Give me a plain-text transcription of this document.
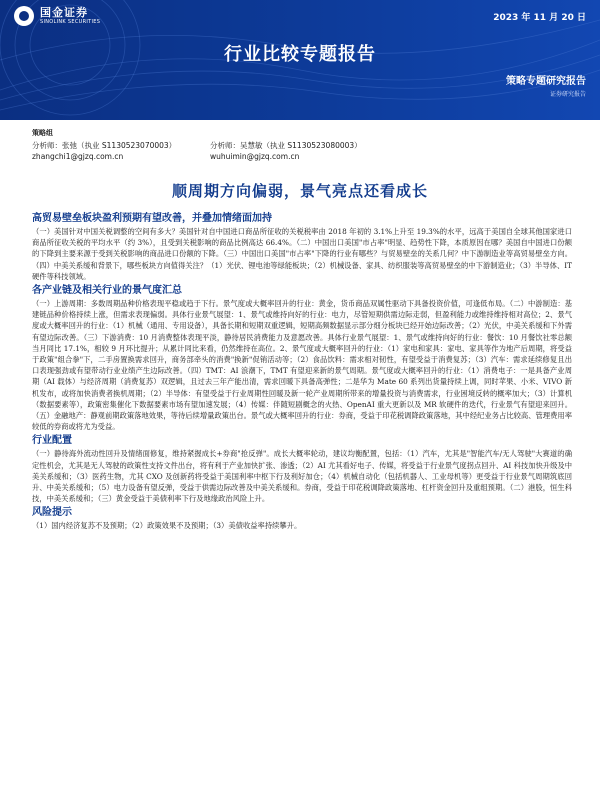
国金证券
SINOLINK SECURITIES	2023 年 11 月 20 日
行业比较专题报告
策略专题研究报告
证券研究报告
策略组
分析师：张弛（执业 S1130523070003）	分析师：吴慧敏（执业 S1130523080003）
zhangchi1@gjzq.com.cn	wuhuimin@gjzq.com.cn
顺周期方向偏弱，景气亮点还看成长
高贸易壁垒板块盈利预期有望改善，并叠加情绪面加持

（一）美国针对中国关税调整的空间有多大？美国针对自中国进口商品所征收的关税税率由 2018 年初的 3.1%上升至 19.3%的水平，远高于美国自全球其他国家进口商品所征收关税的平均水平（约 3%），且受到关税影响的商品比例高达 66.4%。（二）中国出口美国"市占率"明显、趋势性下降，本质原因在哪？美国自中国进口份额的下降到主要来源于受到关税影响的商品进口份额的下降。（三）中国出口美国"市占率"下降的行业有哪些？与贸易壁垒的关系几何？中下游制造业等高贸易壁垒方向。（四）中美关系缓和背景下，哪些板块方向值得关注？（1）光伏、锂电池等绿能板块；（2）机械设备、家具、纺织服装等高贸易壁垒的中下游制造业；（3）半导体、IT 硬件等科技领域。

各产业链及相关行业的景气度汇总

（一）上游周期：多数周期品种价格表现平稳或趋于下行。景气度或大概率回升的行业：黄金，货币商品双属性驱动下具备投资价值，可逢低布局。（二）中游制造：基建链品种价格持续上涨，但需求表现偏弱。具体行业景气展望：1、景气或维持向好的行业：电力，尽管短期供需边际走弱，但盈利能力或维持维持相对高位；2、景气度或大概率回升的行业：（1）机械（通用、专用设备），具备长期和短期双重逻辑，短期高频数据显示部分细分板块已经开始边际改善；（2）光伏，中美关系缓和下外需有望边际改善。（三）下游消费：10 月消费整体表现平淡，静待居民消费能力及意愿改善。具体行业景气展望：1、景气或维持向好的行业：餐饮：10 月餐饮社零总额当月同比 17.1%，相较 9 月环比提升；从累计同比来看，仍然维持在高位。2、景气度或大概率回升的行业：（1）家电和家具：家电、家具等作为地产后周期，将受益于政策"组合拳"下，二手房置换需求回升，商务部牵头的消费"换新"促销活动等；（2）食品饮料：需求相对韧性，有望受益于消费复苏；（3）汽车：需求延续修复且出口表现强劲或有望带动行业业绩产生边际改善。（四）TMT：AI 浪潮下，TMT 有望迎来新的景气周期。景气度或大概率回升的行业：（1）消费电子：一是具备产业周期（AI 载体）与经济周期（消费复苏）双逻辑，且过去三年产能出清，需求回暖下具备高弹性；二是华为 Mate 60 系列出货量持续上调，同时苹果、小米、VIVO 新机发布，或将加快消费者换机周期；（2）半导体：有望受益于行业周期性回暖及新一轮产业周期所带来的增量投资与消费需求，行业困境反转的概率加大；（3）计算机（数据要素等），政策密集催化下数据要素市场有望加速发展；（4）传媒：伴随短剧概念的火热、OpenAI 重大更新以及 MR 软硬件的迭代，行业景气有望迎来回升。（五）金融地产：静观前期政策落地效果，等待后续增量政策出台。景气或大概率回升的行业：券商，受益于印花税调降政策落地，其中经纪业务占比较高、管理费用率较低的券商或将尤为受益。

行业配置

（一）静待海外流动性回升及情绪面修复，维持紧握成长+券商"抢反弹"。成长大概率轮动，建议均衡配置，包括：（1）汽车，尤其是"智能汽车/无人驾驶"大赛道的确定性机会，尤其是无人驾驶的政策性支持文件出台，将有利于产业加快扩张、渗透；（2）AI 尤其看好电子、传媒，将受益于行业景气度拐点回升、AI 科技加快升级及中美关系缓和；（3）医药生物，尤其 CXO 及创新药将受益于美国利率中枢下行及利好加仓；（4）机械自动化（包括机器人、工业母机等）更受益于行业景气周期筑底回升、中美关系缓和；（5）电力设备有望反弹，受益于供需边际改善及中美关系缓和。券商，受益于印花税调降政策落地、杠杆资金回升及重组预期。（二）港股，恒生科技，中美关系缓和；（三）黄金受益于美债利率下行及地缘政治风险上升。

风险提示

（1）国内经济复苏不及预期；（2）政策效果不及预期；（3）美债收益率持续攀升。
